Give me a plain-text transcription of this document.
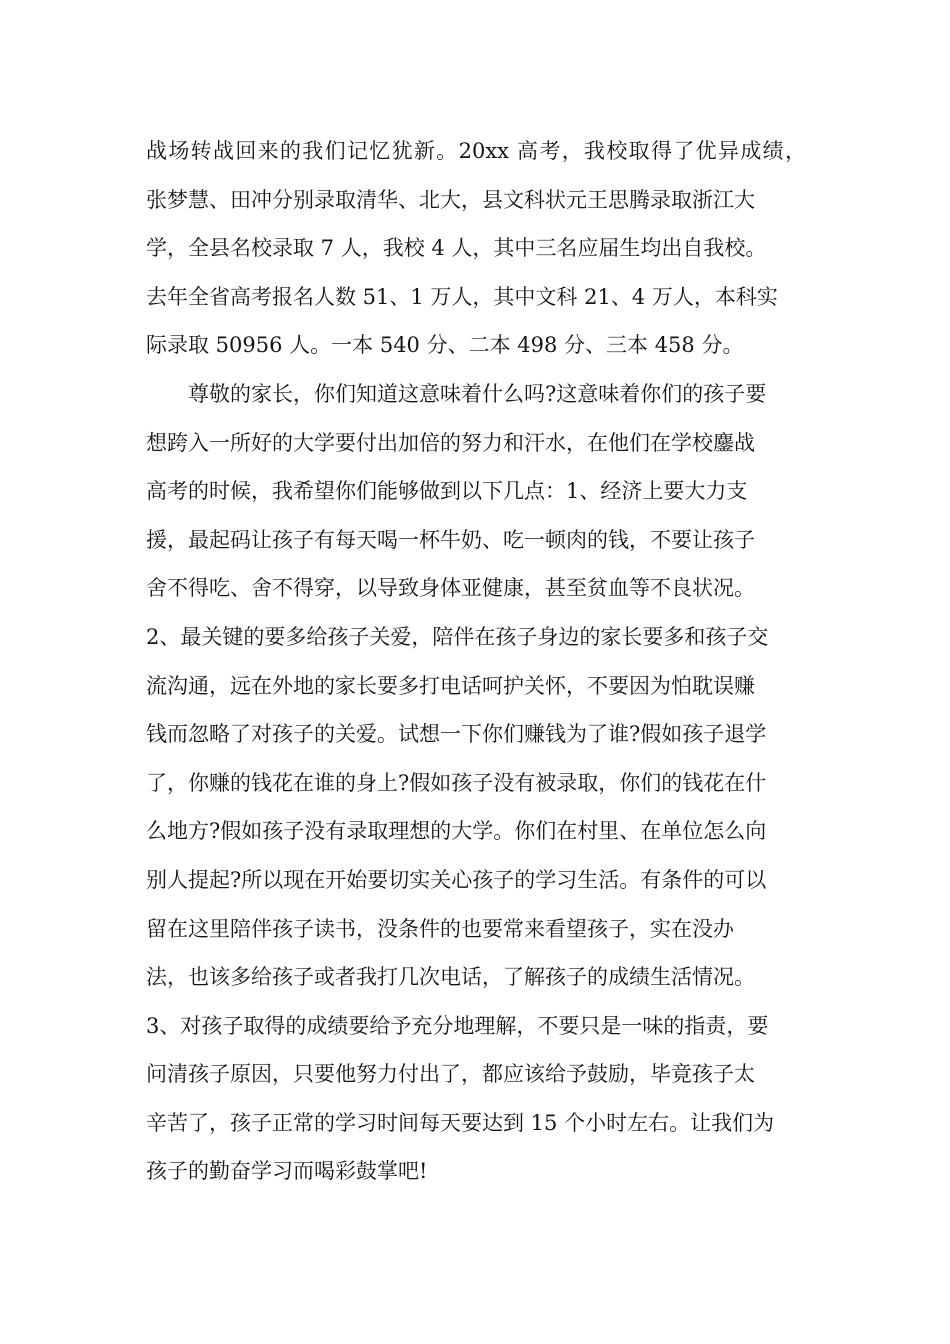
战场转战回来的我们记忆犹新。20xx 高考，我校取得了优异成绩，
张梦慧、田冲分别录取清华、北大，县文科状元王思腾录取浙江大
学，全县名校录取 7 人，我校 4 人，其中三名应届生均出自我校。
去年全省高考报名人数 51、1 万人，其中文科 21、4 万人，本科实
际录取 50956 人。一本 540 分、二本 498 分、三本 458 分。
　　尊敬的家长，你们知道这意味着什么吗?这意味着你们的孩子要
想跨入一所好的大学要付出加倍的努力和汗水，在他们在学校鏖战
高考的时候，我希望你们能够做到以下几点：1、经济上要大力支
援，最起码让孩子有每天喝一杯牛奶、吃一顿肉的钱，不要让孩子
舍不得吃、舍不得穿，以导致身体亚健康，甚至贫血等不良状况。
2、最关键的要多给孩子关爱，陪伴在孩子身边的家长要多和孩子交
流沟通，远在外地的家长要多打电话呵护关怀，不要因为怕耽误赚
钱而忽略了对孩子的关爱。试想一下你们赚钱为了谁?假如孩子退学
了，你赚的钱花在谁的身上?假如孩子没有被录取，你们的钱花在什
么地方?假如孩子没有录取理想的大学。你们在村里、在单位怎么向
别人提起?所以现在开始要切实关心孩子的学习生活。有条件的可以
留在这里陪伴孩子读书，没条件的也要常来看望孩子，实在没办
法，也该多给孩子或者我打几次电话，了解孩子的成绩生活情况。
3、对孩子取得的成绩要给予充分地理解，不要只是一味的指责，要
问清孩子原因，只要他努力付出了，都应该给予鼓励，毕竟孩子太
辛苦了，孩子正常的学习时间每天要达到 15 个小时左右。让我们为
孩子的勤奋学习而喝彩鼓掌吧!
